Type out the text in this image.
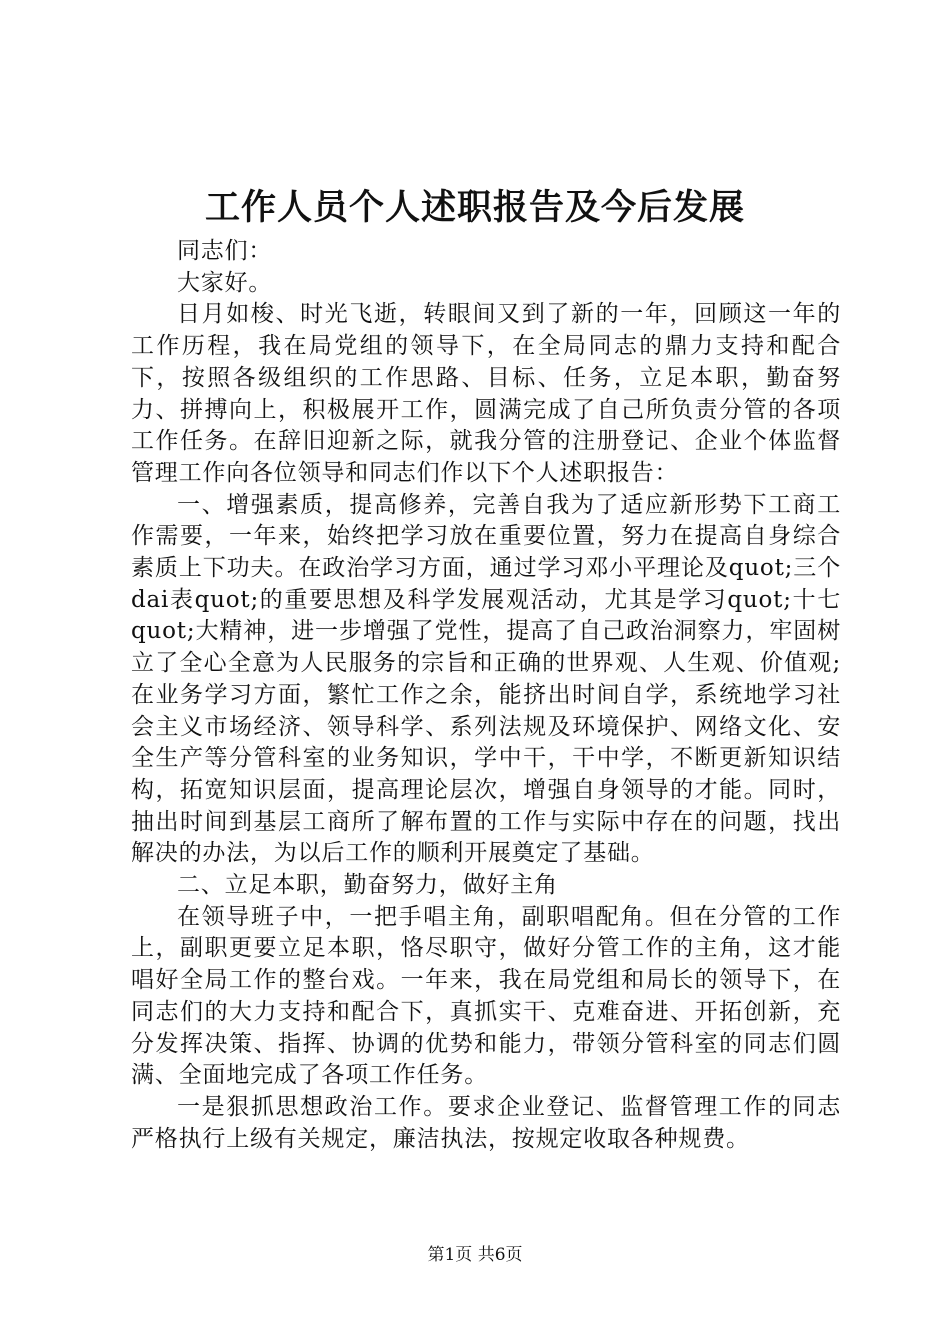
工作人员个人述职报告及今后发展

同志们：

大家好。

日月如梭、时光飞逝，转眼间又到了新的一年，回顾这一年的工作历程，我在局党组的领导下，在全局同志的鼎力支持和配合下，按照各级组织的工作思路、目标、任务，立足本职，勤奋努力、拼搏向上，积极展开工作，圆满完成了自己所负责分管的各项工作任务。在辞旧迎新之际，就我分管的注册登记、企业个体监督管理工作向各位领导和同志们作以下个人述职报告：

一、增强素质，提高修养，完善自我为了适应新形势下工商工作需要，一年来，始终把学习放在重要位置，努力在提高自身综合素质上下功夫。在政治学习方面，通过学习邓小平理论及quot;三个dai表quot;的重要思想及科学发展观活动，尤其是学习quot;十七quot;大精神，进一步增强了党性，提高了自己政治洞察力，牢固树立了全心全意为人民服务的宗旨和正确的世界观、人生观、价值观;在业务学习方面，繁忙工作之余，能挤出时间自学，系统地学习社会主义市场经济、领导科学、系列法规及环境保护、网络文化、安全生产等分管科室的业务知识，学中干，干中学，不断更新知识结构，拓宽知识层面，提高理论层次，增强自身领导的才能。同时，抽出时间到基层工商所了解布置的工作与实际中存在的问题，找出解决的办法，为以后工作的顺利开展奠定了基础。

二、立足本职，勤奋努力，做好主角

在领导班子中，一把手唱主角，副职唱配角。但在分管的工作上，副职更要立足本职，恪尽职守，做好分管工作的主角，这才能唱好全局工作的整台戏。一年来，我在局党组和局长的领导下，在同志们的大力支持和配合下，真抓实干、克难奋进、开拓创新，充分发挥决策、指挥、协调的优势和能力，带领分管科室的同志们圆满、全面地完成了各项工作任务。

一是狠抓思想政治工作。要求企业登记、监督管理工作的同志严格执行上级有关规定，廉洁执法，按规定收取各种规费。

第1页 共6页
